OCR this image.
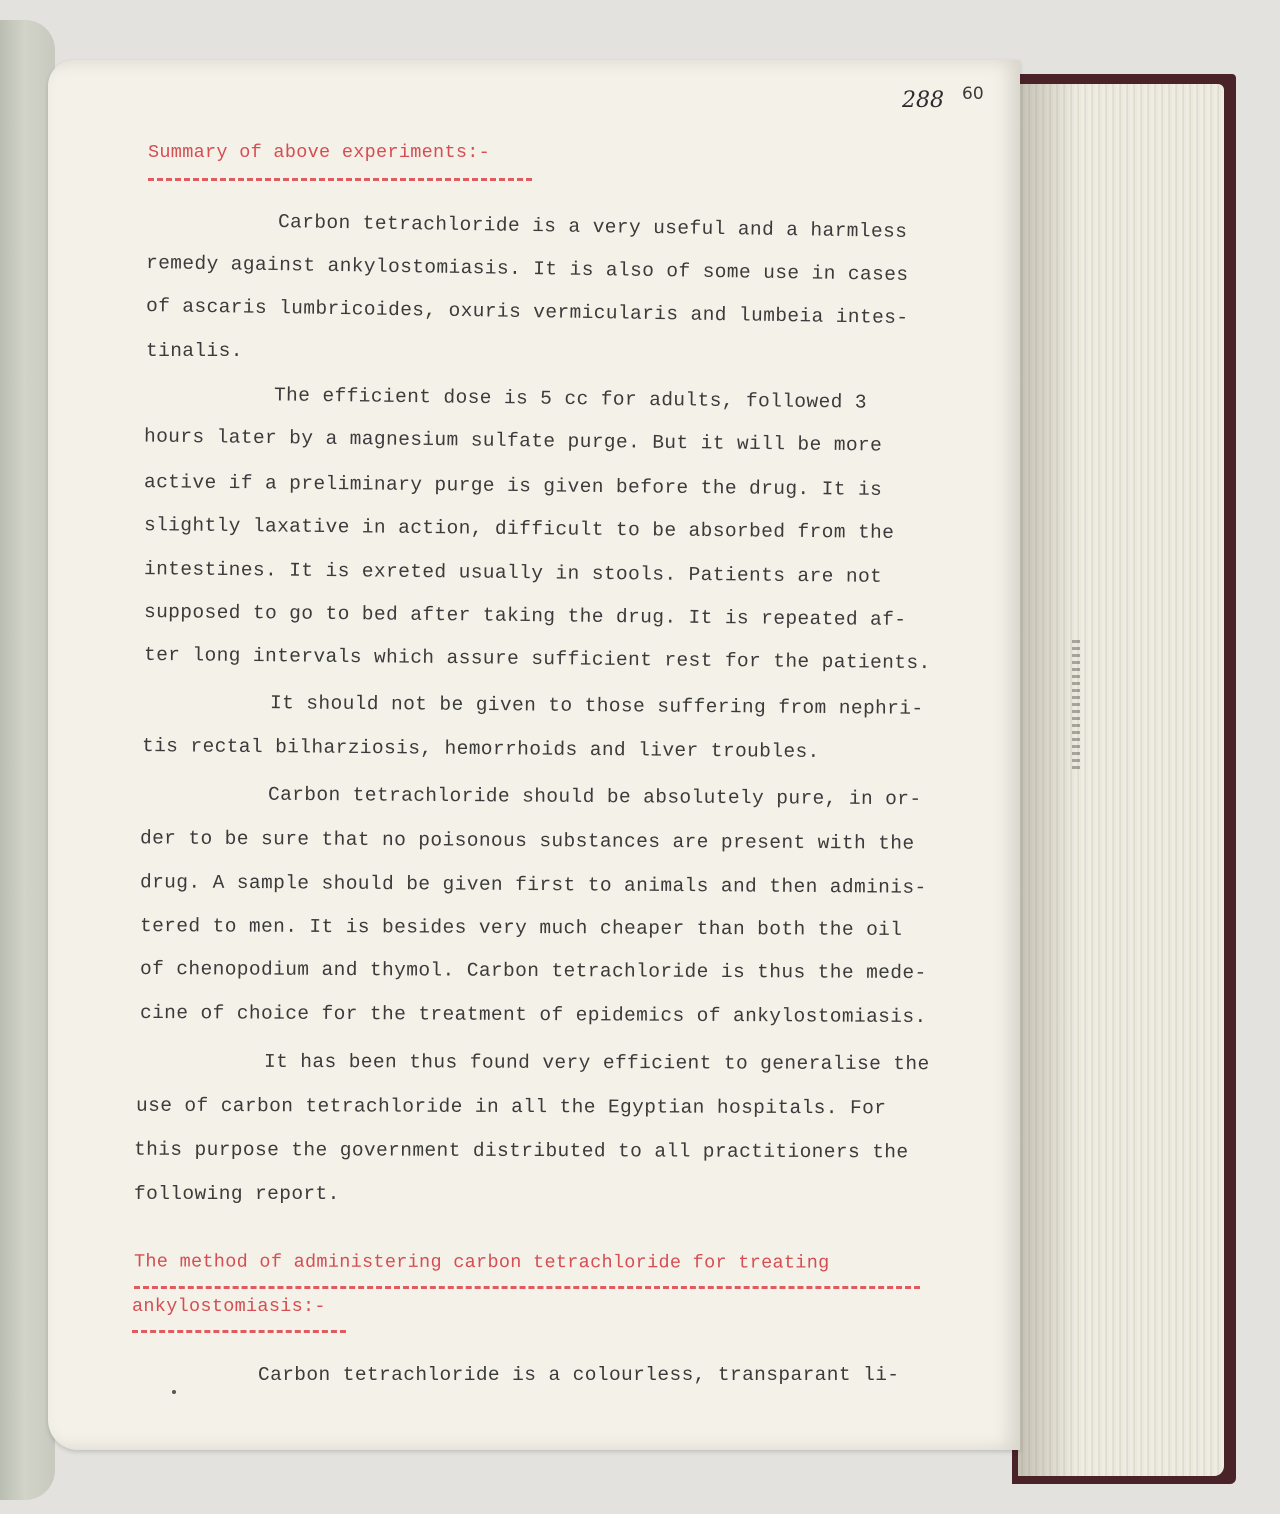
288 60
Summary of above experiments:-
Carbon tetrachloride is a very useful and a harmless
remedy against ankylostomiasis. It is also of some use in cases
of ascaris lumbricoides, oxuris vermicularis and lumbeia intes-
tinalis.
The efficient dose is 5 cc for adults, followed 3
hours later by a magnesium sulfate purge. But it will be more
active if a preliminary purge is given before the drug. It is
slightly laxative in action, difficult to be absorbed from the
intestines. It is exreted usually in stools. Patients are not
supposed to go to bed after taking the drug. It is repeated af-
ter long intervals which assure sufficient rest for the patients.
It should not be given to those suffering from nephri-
tis rectal bilharziosis, hemorrhoids and liver troubles.
Carbon tetrachloride should be absolutely pure, in or-
der to be sure that no poisonous substances are present with the
drug. A sample should be given first to animals and then adminis-
tered to men. It is besides very much cheaper than both the oil
of chenopodium and thymol. Carbon tetrachloride is thus the mede-
cine of choice for the treatment of epidemics of ankylostomiasis.
It has been thus found very efficient to generalise the
use of carbon tetrachloride in all the Egyptian hospitals. For
this purpose the government distributed to all practitioners the
following report.
The method of administering carbon tetrachloride for treating
ankylostomiasis:-
Carbon tetrachloride is a colourless, transparant li-
